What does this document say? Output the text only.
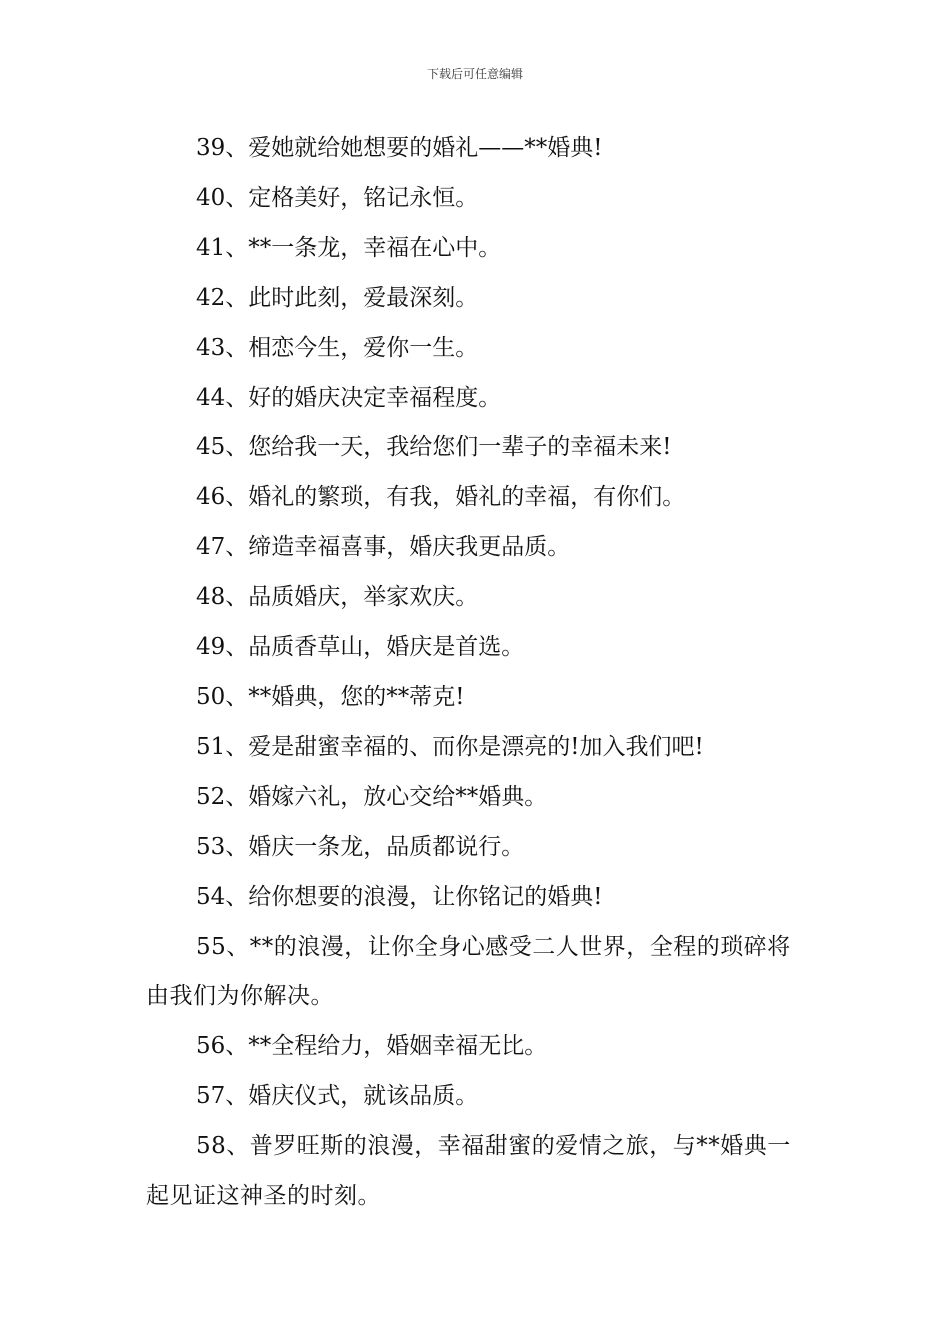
下载后可任意编辑
39、爱她就给她想要的婚礼——**婚典!
40、定格美好，铭记永恒。
41、**一条龙，幸福在心中。
42、此时此刻，爱最深刻。
43、相恋今生，爱你一生。
44、好的婚庆决定幸福程度。
45、您给我一天，我给您们一辈子的幸福未来!
46、婚礼的繁琐，有我，婚礼的幸福，有你们。
47、缔造幸福喜事，婚庆我更品质。
48、品质婚庆，举家欢庆。
49、品质香草山，婚庆是首选。
50、**婚典，您的**蒂克!
51、爱是甜蜜幸福的、而你是漂亮的!加入我们吧!
52、婚嫁六礼，放心交给**婚典。
53、婚庆一条龙，品质都说行。
54、给你想要的浪漫，让你铭记的婚典!
55、**的浪漫，让你全身心感受二人世界，全程的琐碎将由我们为你解决。
56、**全程给力，婚姻幸福无比。
57、婚庆仪式，就该品质。
58、普罗旺斯的浪漫，幸福甜蜜的爱情之旅，与**婚典一起见证这神圣的时刻。
